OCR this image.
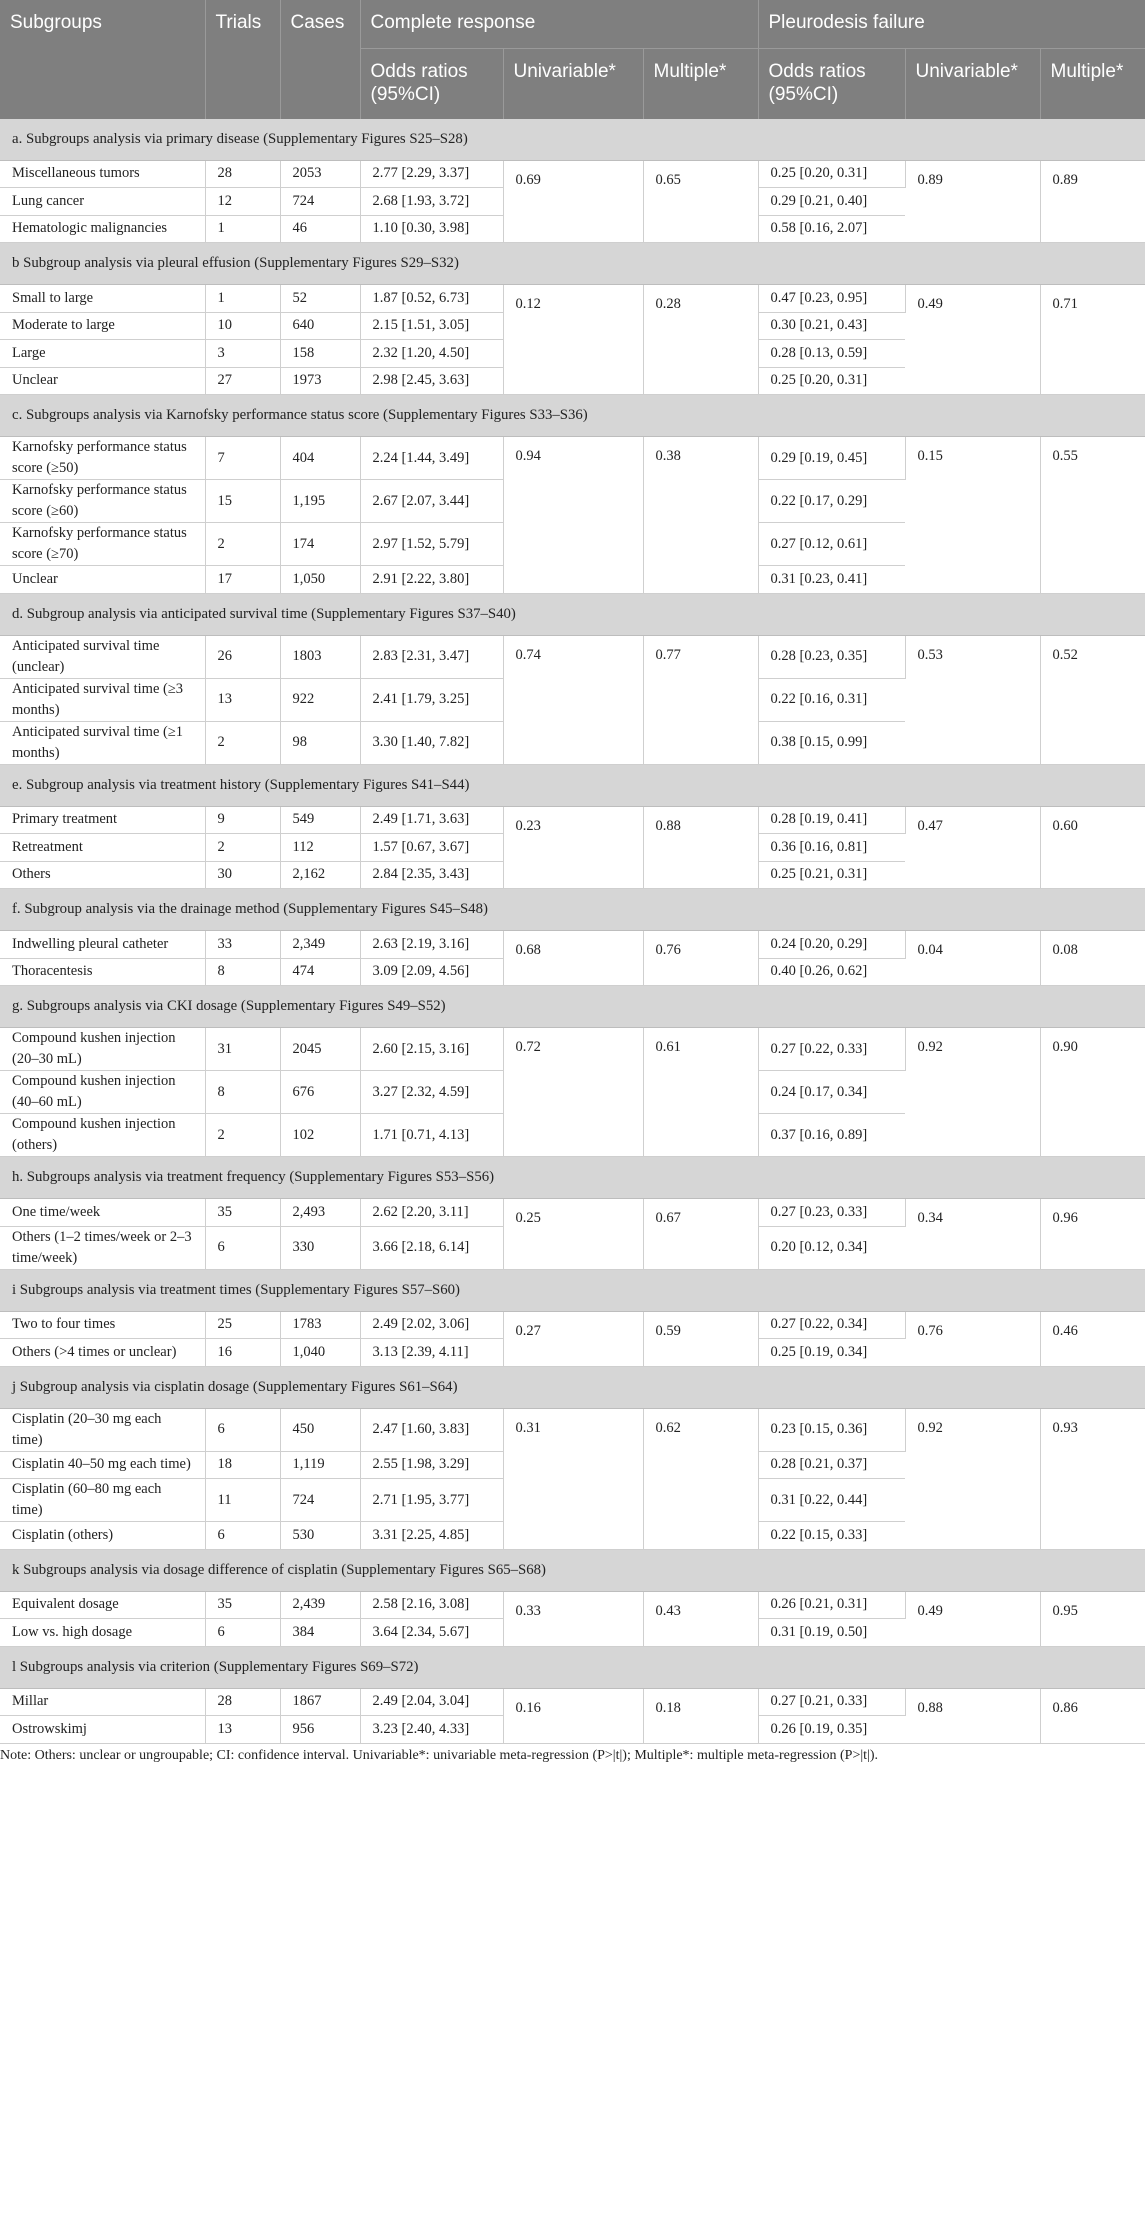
Subgroups	Trials	Cases	Complete response			Pleurodesis failure		
			Odds ratios (95%CI)	Univariable*	Multiple*	Odds ratios (95%CI)	Univariable*	Multiple*
a. Subgroups analysis via primary disease (Supplementary Figures S25–S28)								
Miscellaneous tumors	28	2053	2.77 [2.29, 3.37]	0.69	0.65	0.25 [0.20, 0.31]	0.89	0.89
Lung cancer	12	724	2.68 [1.93, 3.72]			0.29 [0.21, 0.40]		
Hematologic malignancies	1	46	1.10 [0.30, 3.98]			0.58 [0.16, 2.07]		
b Subgroup analysis via pleural effusion (Supplementary Figures S29–S32)								
Small to large	1	52	1.87 [0.52, 6.73]	0.12	0.28	0.47 [0.23, 0.95]	0.49	0.71
Moderate to large	10	640	2.15 [1.51, 3.05]			0.30 [0.21, 0.43]		
Large	3	158	2.32 [1.20, 4.50]			0.28 [0.13, 0.59]		
Unclear	27	1973	2.98 [2.45, 3.63]			0.25 [0.20, 0.31]		
c. Subgroups analysis via Karnofsky performance status score (Supplementary Figures S33–S36)								
Karnofsky performance status score (≥50)	7	404	2.24 [1.44, 3.49]	0.94	0.38	0.29 [0.19, 0.45]	0.15	0.55
Karnofsky performance status score (≥60)	15	1,195	2.67 [2.07, 3.44]			0.22 [0.17, 0.29]		
Karnofsky performance status score (≥70)	2	174	2.97 [1.52, 5.79]			0.27 [0.12, 0.61]		
Unclear	17	1,050	2.91 [2.22, 3.80]			0.31 [0.23, 0.41]		
d. Subgroup analysis via anticipated survival time (Supplementary Figures S37–S40)								
Anticipated survival time (unclear)	26	1803	2.83 [2.31, 3.47]	0.74	0.77	0.28 [0.23, 0.35]	0.53	0.52
Anticipated survival time (≥3 months)	13	922	2.41 [1.79, 3.25]			0.22 [0.16, 0.31]		
Anticipated survival time (≥1 months)	2	98	3.30 [1.40, 7.82]			0.38 [0.15, 0.99]		
e. Subgroup analysis via treatment history (Supplementary Figures S41–S44)								
Primary treatment	9	549	2.49 [1.71, 3.63]	0.23	0.88	0.28 [0.19, 0.41]	0.47	0.60
Retreatment	2	112	1.57 [0.67, 3.67]			0.36 [0.16, 0.81]		
Others	30	2,162	2.84 [2.35, 3.43]			0.25 [0.21, 0.31]		
f. Subgroup analysis via the drainage method (Supplementary Figures S45–S48)								
Indwelling pleural catheter	33	2,349	2.63 [2.19, 3.16]	0.68	0.76	0.24 [0.20, 0.29]	0.04	0.08
Thoracentesis	8	474	3.09 [2.09, 4.56]			0.40 [0.26, 0.62]		
g. Subgroups analysis via CKI dosage (Supplementary Figures S49–S52)								
Compound kushen injection (20–30 mL)	31	2045	2.60 [2.15, 3.16]	0.72	0.61	0.27 [0.22, 0.33]	0.92	0.90
Compound kushen injection (40–60 mL)	8	676	3.27 [2.32, 4.59]			0.24 [0.17, 0.34]		
Compound kushen injection (others)	2	102	1.71 [0.71, 4.13]			0.37 [0.16, 0.89]		
h. Subgroups analysis via treatment frequency (Supplementary Figures S53–S56)								
One time/week	35	2,493	2.62 [2.20, 3.11]	0.25	0.67	0.27 [0.23, 0.33]	0.34	0.96
Others (1–2 times/week or 2–3 time/week)	6	330	3.66 [2.18, 6.14]			0.20 [0.12, 0.34]		
i Subgroups analysis via treatment times (Supplementary Figures S57–S60)								
Two to four times	25	1783	2.49 [2.02, 3.06]	0.27	0.59	0.27 [0.22, 0.34]	0.76	0.46
Others (>4 times or unclear)	16	1,040	3.13 [2.39, 4.11]			0.25 [0.19, 0.34]		
j Subgroup analysis via cisplatin dosage (Supplementary Figures S61–S64)								
Cisplatin (20–30 mg each time)	6	450	2.47 [1.60, 3.83]	0.31	0.62	0.23 [0.15, 0.36]	0.92	0.93
Cisplatin 40–50 mg each time)	18	1,119	2.55 [1.98, 3.29]			0.28 [0.21, 0.37]		
Cisplatin (60–80 mg each time)	11	724	2.71 [1.95, 3.77]			0.31 [0.22, 0.44]		
Cisplatin (others)	6	530	3.31 [2.25, 4.85]			0.22 [0.15, 0.33]		
k Subgroups analysis via dosage difference of cisplatin (Supplementary Figures S65–S68)								
Equivalent dosage	35	2,439	2.58 [2.16, 3.08]	0.33	0.43	0.26 [0.21, 0.31]	0.49	0.95
Low vs. high dosage	6	384	3.64 [2.34, 5.67]			0.31 [0.19, 0.50]		
l Subgroups analysis via criterion (Supplementary Figures S69–S72)								
Millar	28	1867	2.49 [2.04, 3.04]	0.16	0.18	0.27 [0.21, 0.33]	0.88	0.86
Ostrowskimj	13	956	3.23 [2.40, 4.33]			0.26 [0.19, 0.35]		
Note: Others: unclear or ungroupable; CI: confidence interval. Univariable*: univariable meta-regression (P>|t|); Multiple*: multiple meta-regression (P>|t|).
